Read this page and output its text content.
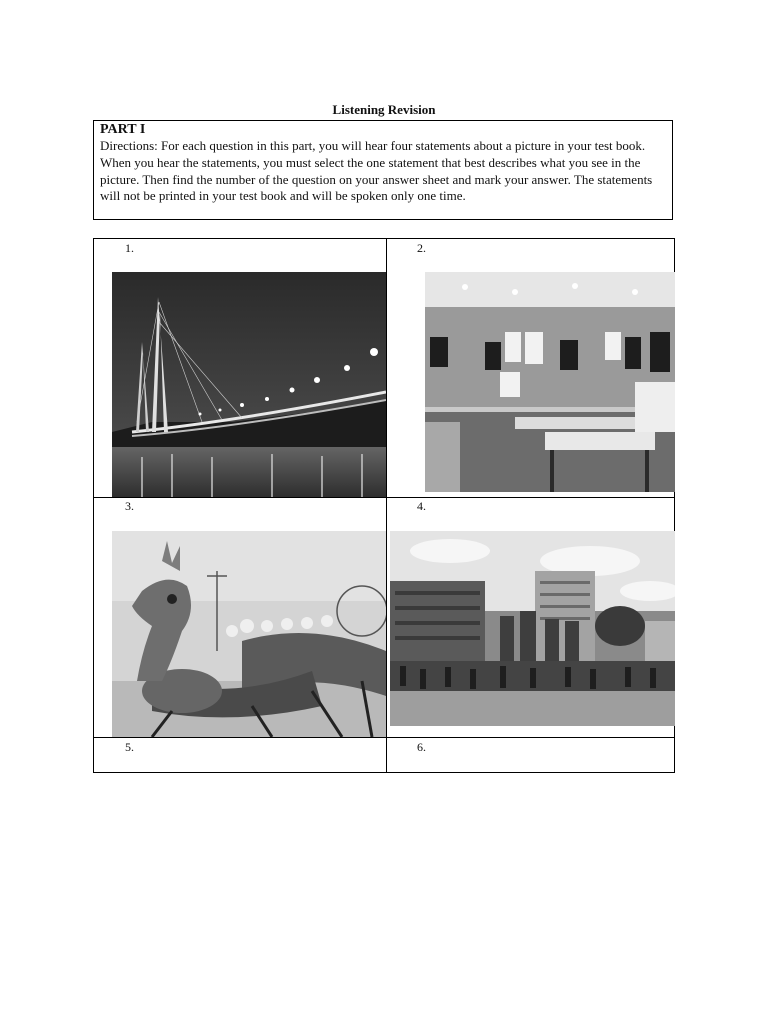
Listening Revision
PART I
Directions: For each question in this part, you will hear four statements about a picture in your test book. When you hear the statements, you must select the one statement that best describes what you see in the picture. Then find the number of the question on your answer sheet and mark your answer. The statements will not be printed in your test book and will be spoken only one time.
1.	2.
3.	4.
5.	6.
